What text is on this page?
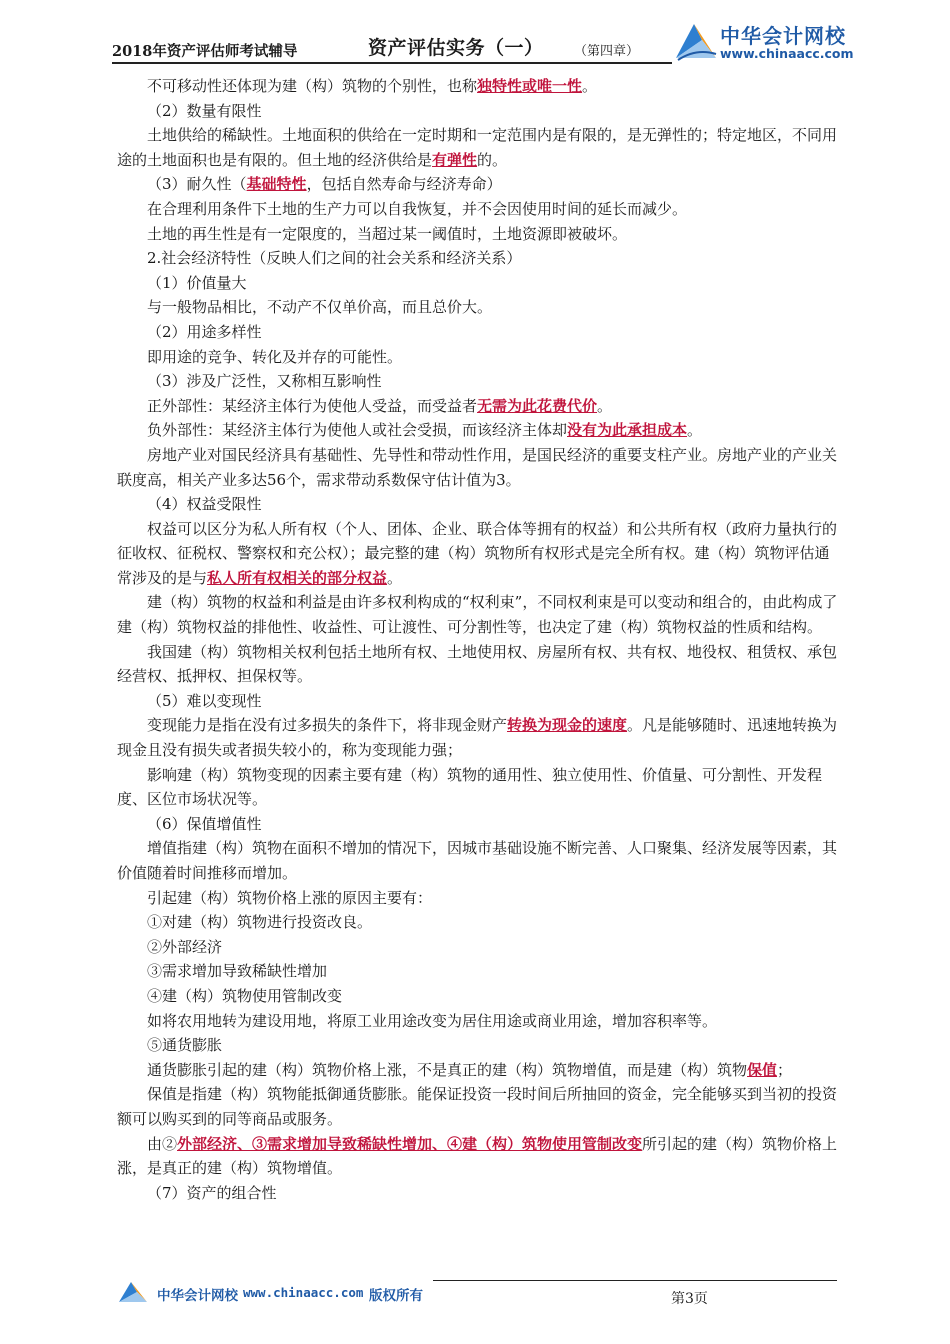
2018年资产评估师考试辅导	资产评估实务（一） （第四章）
中华会计网校
www.chinaacc.com

不可移动性还体现为建（构）筑物的个别性，也称独特性或唯一性。

（2）数量有限性

土地供给的稀缺性。土地面积的供给在一定时期和一定范围内是有限的，是无弹性的；特定地区，不同用途的土地面积也是有限的。但土地的经济供给是有弹性的。

（3）耐久性（基础特性，包括自然寿命与经济寿命）

在合理利用条件下土地的生产力可以自我恢复，并不会因使用时间的延长而减少。

土地的再生性是有一定限度的，当超过某一阈值时，土地资源即被破坏。

2.社会经济特性（反映人们之间的社会关系和经济关系）

（1）价值量大

与一般物品相比，不动产不仅单价高，而且总价大。

（2）用途多样性

即用途的竞争、转化及并存的可能性。

（3）涉及广泛性，又称相互影响性

正外部性：某经济主体行为使他人受益，而受益者无需为此花费代价。

负外部性：某经济主体行为使他人或社会受损，而该经济主体却没有为此承担成本。

房地产业对国民经济具有基础性、先导性和带动性作用，是国民经济的重要支柱产业。房地产业的产业关联度高，相关产业多达56个，需求带动系数保守估计值为3。

（4）权益受限性

权益可以区分为私人所有权（个人、团体、企业、联合体等拥有的权益）和公共所有权（政府力量执行的征收权、征税权、警察权和充公权）；最完整的建（构）筑物所有权形式是完全所有权。建（构）筑物评估通常涉及的是与私人所有权相关的部分权益。

建（构）筑物的权益和利益是由许多权利构成的“权利束”，不同权利束是可以变动和组合的，由此构成了建（构）筑物权益的排他性、收益性、可让渡性、可分割性等，也决定了建（构）筑物权益的性质和结构。

我国建（构）筑物相关权利包括土地所有权、土地使用权、房屋所有权、共有权、地役权、租赁权、承包经营权、抵押权、担保权等。

（5）难以变现性

变现能力是指在没有过多损失的条件下，将非现金财产转换为现金的速度。凡是能够随时、迅速地转换为现金且没有损失或者损失较小的，称为变现能力强；

影响建（构）筑物变现的因素主要有建（构）筑物的通用性、独立使用性、价值量、可分割性、开发程度、区位市场状况等。

（6）保值增值性

增值指建（构）筑物在面积不增加的情况下，因城市基础设施不断完善、人口聚集、经济发展等因素，其价值随着时间推移而增加。

引起建（构）筑物价格上涨的原因主要有：

①对建（构）筑物进行投资改良。

②外部经济

③需求增加导致稀缺性增加

④建（构）筑物使用管制改变

如将农用地转为建设用地，将原工业用途改变为居住用途或商业用途，增加容积率等。

⑤通货膨胀

通货膨胀引起的建（构）筑物价格上涨，不是真正的建（构）筑物增值，而是建（构）筑物保值；

保值是指建（构）筑物能抵御通货膨胀。能保证投资一段时间后所抽回的资金，完全能够买到当初的投资额可以购买到的同等商品或服务。

由②外部经济、③需求增加导致稀缺性增加、④建（构）筑物使用管制改变所引起的建（构）筑物价格上涨，是真正的建（构）筑物增值。

（7）资产的组合性

中华会计网校 www.chinaacc.com 版权所有	第3页
